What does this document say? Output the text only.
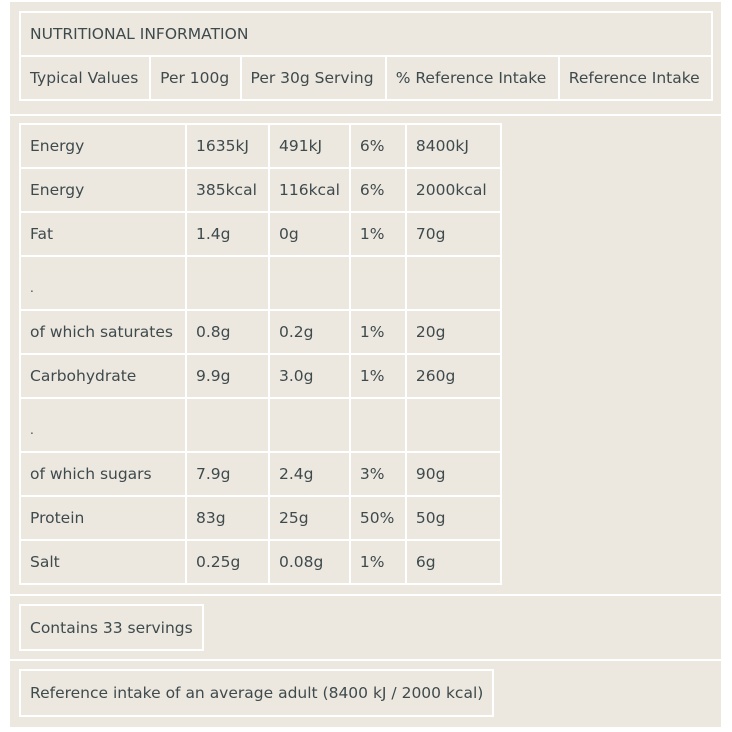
NUTRITIONAL INFORMATION
Typical Values	Per 100g	Per 30g Serving	% Reference Intake	Reference Intake
Energy	1635kJ	491kJ	6%	8400kJ
Energy	385kcal	116kcal	6%	2000kcal
Fat	1.4g	0g	1%	70g
.				
of which saturates	0.8g	0.2g	1%	20g
Carbohydrate	9.9g	3.0g	1%	260g
.				
of which sugars	7.9g	2.4g	3%	90g
Protein	83g	25g	50%	50g
Salt	0.25g	0.08g	1%	6g
Contains 33 servings
Reference intake of an average adult (8400 kJ / 2000 kcal)
